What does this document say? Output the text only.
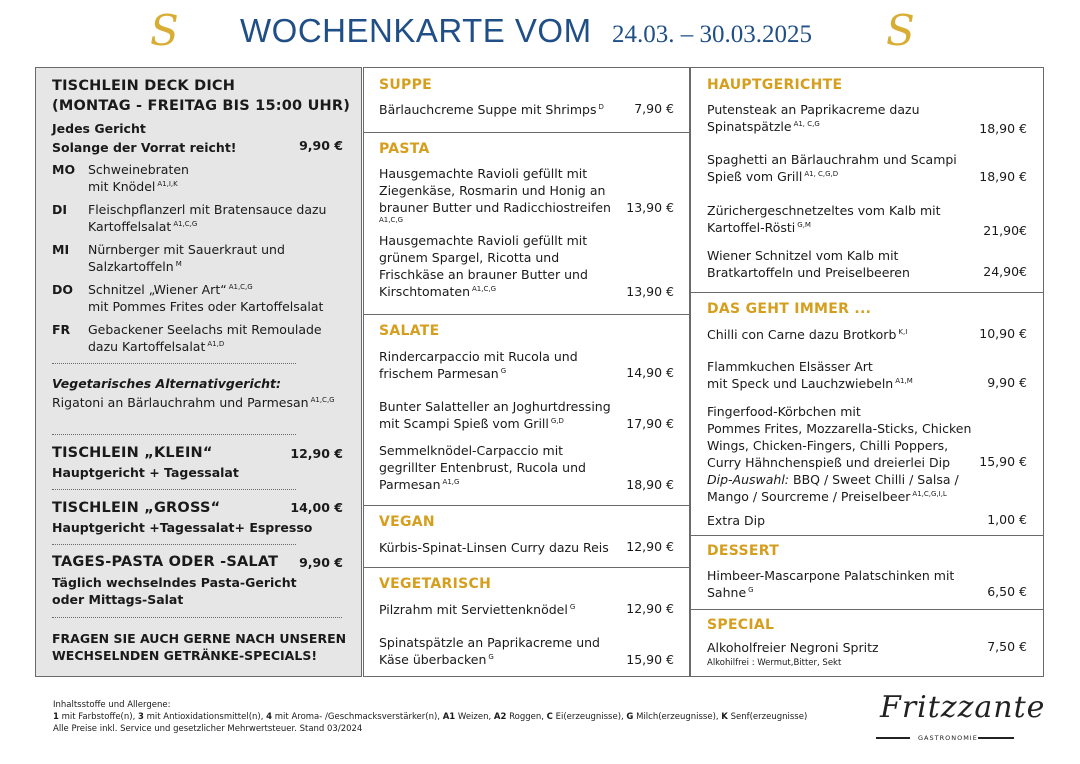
S WOCHENKARTE VOM 24.03. – 30.03.2025 S
TISCHLEIN DECK DICH
(MONTAG - FREITAG BIS 15:00 UHR)
Jedes Gericht
Solange der Vorrat reicht!	9,90 €
MO Schweinebraten
mit Knödel $^{A1,I,K}$
DI Fleischpflanzerl mit Bratensauce dazu
Kartoffelsalat $^{A1,C,G}$
MI Nürnberger mit Sauerkraut und
Salzkartoffeln $^M$
DO Schnitzel „Wiener Art“ $^{A1,C,G}$
mit Pommes Frites oder Kartoffelsalat
FR Gebackener Seelachs mit Remoulade
dazu Kartoffelsalat $^{A1,D}$
Vegetarisches Alternativgericht:
Rigatoni an Bärlauchrahm und Parmesan $^{A1,C,G}$
TISCHLEIN „KLEIN“	12,90 €
Hauptgericht + Tagessalat
TISCHLEIN „GROSS“	14,00 €
Hauptgericht +Tagessalat+ Espresso
TAGES-PASTA ODER -SALAT 9,90 €
Täglich wechselndes Pasta-Gericht
oder Mittags-Salat
FRAGEN SIE AUCH GERNE NACH UNSEREN
WECHSELNDEN GETRÄNKE-SPECIALS!
SUPPE
Bärlauchcreme Suppe mit Shrimps $^D$ 7,90 €
PASTA
Hausgemachte Ravioli gefüllt mit
Ziegenkäse, Rosmarin und Honig an
brauner Butter und Radicchiostreifen
A1,C,G
13,90 €
Hausgemachte Ravioli gefüllt mit
grünem Spargel, Ricotta und
Frischkäse an brauner Butter und
Kirschtomaten $^{A1,C,G}$	13,90 €
SALATE
Rindercarpaccio mit Rucola und
frischem Parmesan $^G$	14,90 €
Bunter Salatteller an Joghurtdressing
mit Scampi Spieß vom Grill $^{G,D}$	17,90 €
Semmelknödel-Carpaccio mit
gegrillter Entenbrust, Rucola und
Parmesan $^{A1,G}$	18,90 €
VEGAN
Kürbis-Spinat-Linsen Curry dazu Reis 12,90 €
VEGETARISCH
Pilzrahm mit Serviettenknödel $^G$	12,90 €
Spinatspätzle an Paprikacreme und
Käse überbacken $^G$	15,90 €
HAUPTGERICHTE
Putensteak an Paprikacreme dazu
Spinatspätzle $^{A1, C,G}$	18,90 €
Spaghetti an Bärlauchrahm und Scampi
Spieß vom Grill $^{A1, C,G,D}$	18,90 €
Zürichergeschnetzeltes vom Kalb mit
Kartoffel-Rösti $^{G,M}$	21,90€
Wiener Schnitzel vom Kalb mit
Bratkartoffeln und Preiselbeeren	24,90€
DAS GEHT IMMER ...
Chilli con Carne dazu Brotkorb $^{K,I}$	10,90 €
Flammkuchen Elsässer Art
mit Speck und Lauchzwiebeln $^{A1,M}$	9,90 €
Fingerfood-Körbchen mit
Pommes Frites, Mozzarella-Sticks, Chicken
Wings, Chicken-Fingers, Chilli Poppers,
Curry Hähnchenspieß und dreierlei Dip
Dip-Auswahl: BBQ / Sweet Chilli / Salsa /
Mango / Sourcreme / Preiselbeer $^{A1,C,G,I,L}$
15,90 €
Extra Dip	1,00 €
DESSERT
Himbeer-Mascarpone Palatschinken mit
Sahne $^G$	6,50 €
SPECIAL
Alkoholfreier Negroni Spritz	7,50 €
Alkohilfrei : Wermut,Bitter, Sekt
Inhaltsstoffe und Allergene:
1 mit Farbstoffe(n), 3 mit Antioxidationsmittel(n), 4 mit Aroma- /Geschmacksverstärker(n), A1 Weizen, A2 Roggen, C Ei(erzeugnisse), G Milch(erzeugnisse), K Senf(erzeugnisse)
Alle Preise inkl. Service und gesetzlicher Mehrwertsteuer. Stand 03/2024
Fritzzante
GASTRONOMIE
